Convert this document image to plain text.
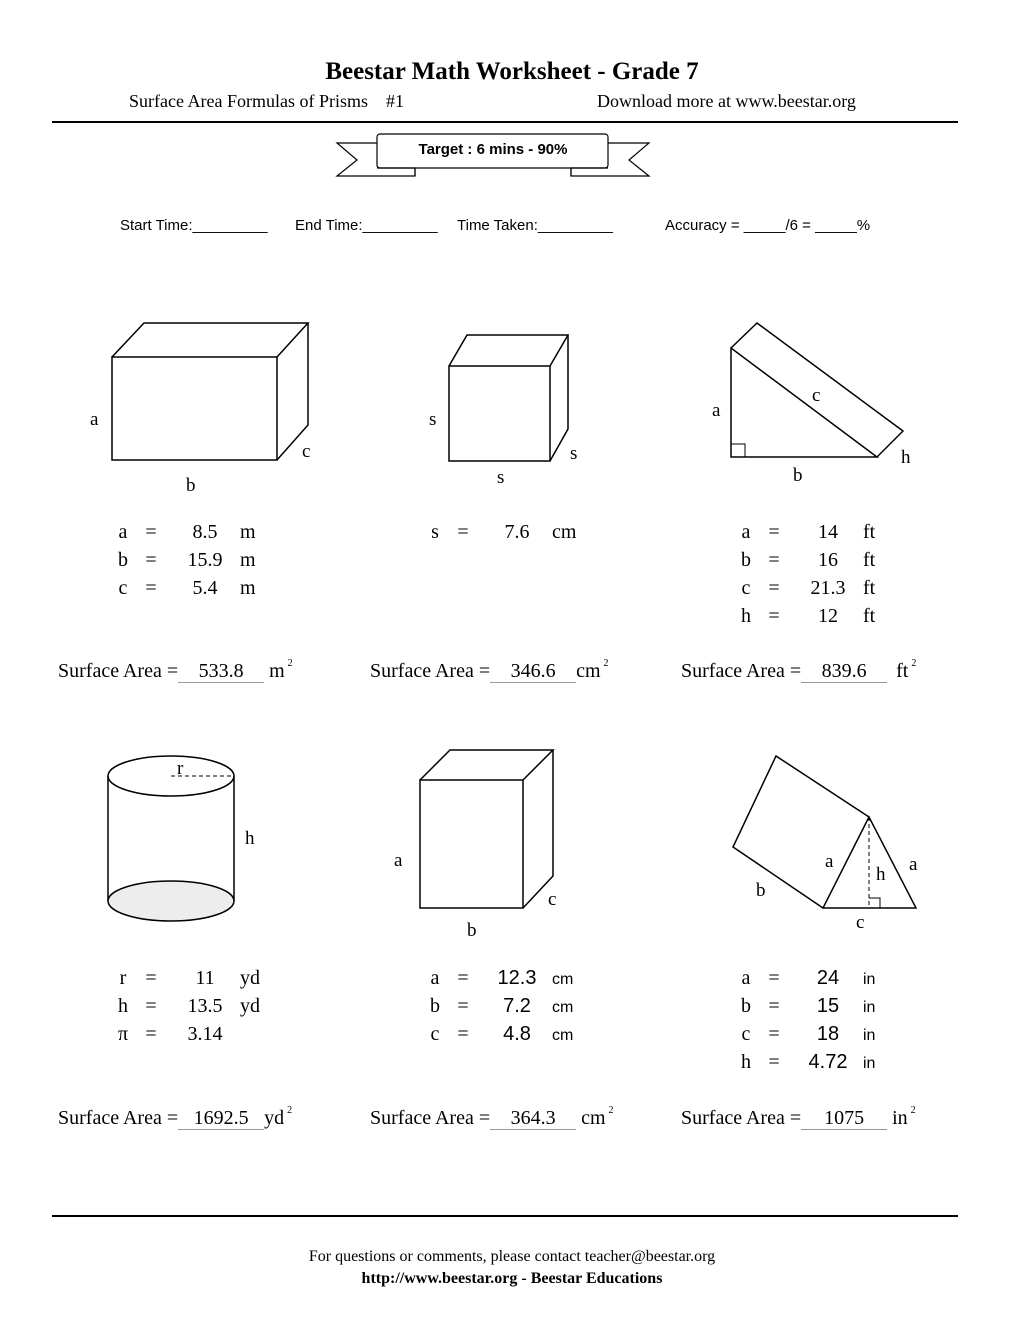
Beestar Math Worksheet - Grade 7
Surface Area Formulas of Prisms    #1	Download more at www.beestar.org
Target : 6 mins - 90%
Start Time:_________ End Time:_________ Time Taken:_________	Accuracy = _____/6 = _____%
a
b
c
s
s
s
a
b
c
h
r
h
a
b
c
a	a
b
c
h
a = 8.5 m
b = 15.9 m
c = 5.4 m
s = 7.6 cm	a = 14 ft
b = 16 ft
c = 21.3 ft
h = 12 ft
r = 11 yd
h = 13.5 yd
π = 3.14
a = 12.3 cm
b = 7.2 cm
c = 4.8 cm
a = 24 in
b = 15 in
c = 18 in
h = 4.72 in
Surface Area = 533.8 m $^2$	Surface Area = 346.6 cm $^2$	Surface Area = 839.6 ft $^2$
Surface Area = 1692.5 yd $^2$	Surface Area = 364.3 cm $^2$	Surface Area = 1075 in $^2$
For questions or comments, please contact teacher@beestar.org
http://www.beestar.org - Beestar Educations
